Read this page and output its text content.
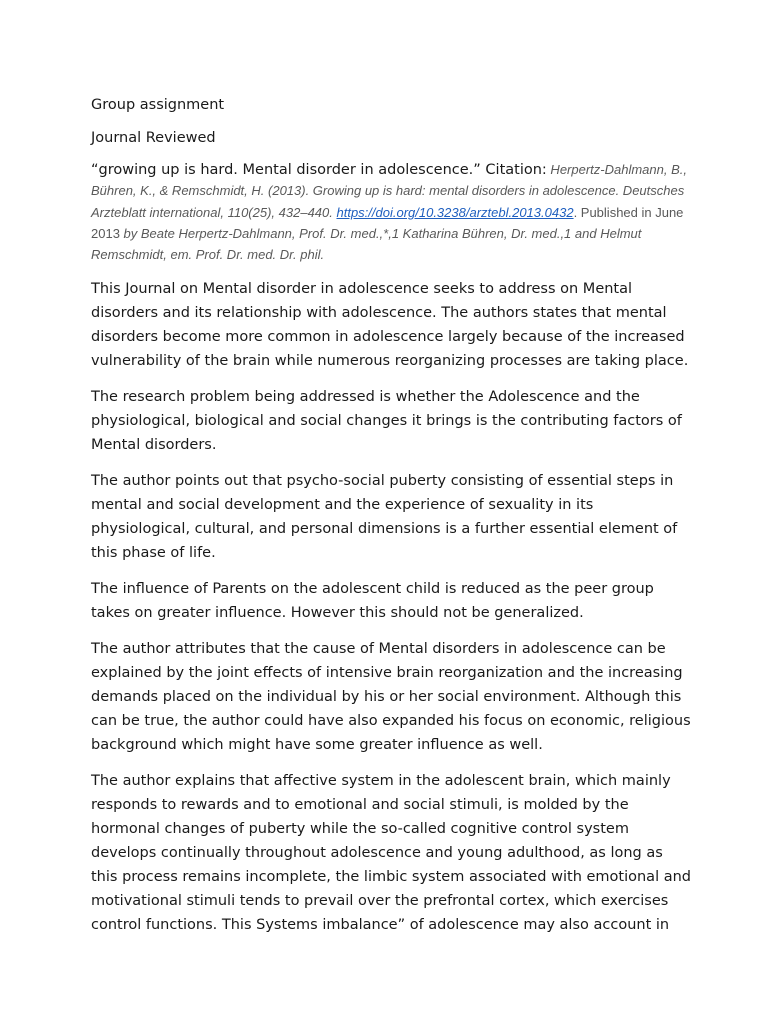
Group assignment

Journal Reviewed

“growing up is hard. Mental disorder in adolescence.” Citation: Herpertz-Dahlmann, B., Bühren, K., & Remschmidt, H. (2013). Growing up is hard: mental disorders in adolescence. Deutsches Arzteblatt international, 110(25), 432–440. https://doi.org/10.3238/arztebl.2013.0432. Published in June 2013 by Beate Herpertz-Dahlmann, Prof. Dr. med.,*,1 Katharina Bühren, Dr. med.,1 and Helmut Remschmidt, em. Prof. Dr. med. Dr. phil.

This Journal on Mental disorder in adolescence seeks to address on Mental disorders and its relationship with adolescence. The authors states that mental disorders become more common in adolescence largely because of the increased vulnerability of the brain while numerous reorganizing processes are taking place.

The research problem being addressed is whether the Adolescence and the physiological, biological and social changes it brings is the contributing factors of Mental disorders.

The author points out that psycho-social puberty consisting of essential steps in mental and social development and the experience of sexuality in its physiological, cultural, and personal dimensions is a further essential element of this phase of life.

The influence of Parents on the adolescent child is reduced as the peer group takes on greater influence. However this should not be generalized.

The author attributes that the cause of Mental disorders in adolescence can be explained by the joint effects of intensive brain reorganization and the increasing demands placed on the individual by his or her social environment. Although this can be true, the author could have also expanded his focus on economic, religious background which might have some greater influence as well.

The author explains that affective system in the adolescent brain, which mainly responds to rewards and to emotional and social stimuli, is molded by the hormonal changes of puberty while the so-called cognitive control system develops continually throughout adolescence and young adulthood, as long as this process remains incomplete, the limbic system associated with emotional and motivational stimuli tends to prevail over the prefrontal cortex, which exercises control functions. This Systems imbalance” of adolescence may also account in
